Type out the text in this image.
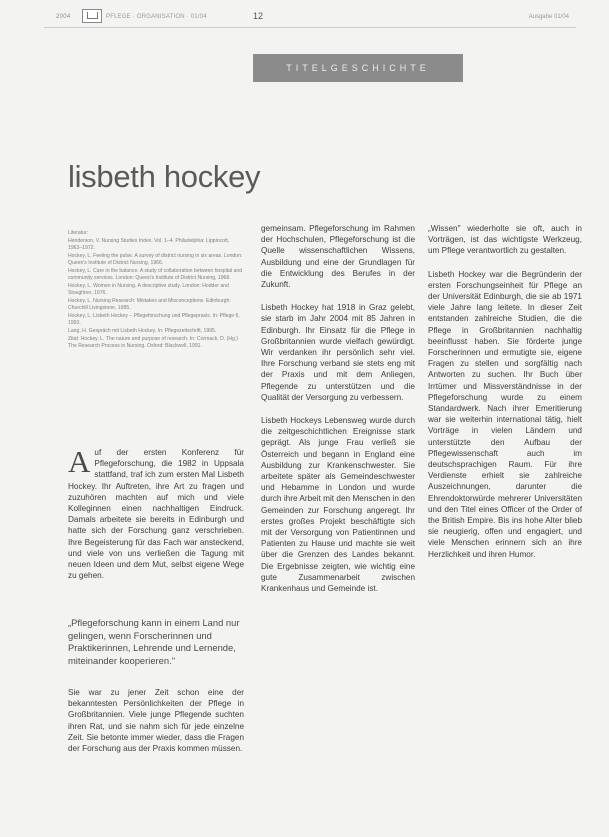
2004	PFLEGE · ORGANISATION · 01/04	12	Ausgabe 01/04
TITELGESCHICHTE
lisbeth hockey

Literatur:

Henderson, V. Nursing Studies Index. Vol. 1–4. Philadelphia: Lippincott, 1963–1972.

Hockey, L. Feeling the pulse. A survey of district nursing in six areas. London: Queen's Institute of District Nursing, 1966.

Hockey, L. Care in the balance. A study of collaboration between hospital and community services. London: Queen's Institute of District Nursing, 1968.

Hockey, L. Women in Nursing. A descriptive study. London: Hodder and Stoughton, 1976.

Hockey, L. Nursing Research: Mistakes and Misconceptions. Edinburgh: Churchill Livingstone, 1985.

Hockey, L. Lisbeth Hockey – Pflegeforschung und Pflegepraxis. In: Pflege 6, 1993.

Lang, H. Gespräch mit Lisbeth Hockey. In: Pflegezeitschrift, 1995.

Zitat: Hockey, L. The nature and purpose of research. In: Cormack, D. (Hg.) The Research Process in Nursing. Oxford: Blackwell, 1991.

Auf der ersten Konferenz für Pflegeforschung, die 1982 in Uppsala stattfand, traf ich zum ersten Mal Lisbeth Hockey. Ihr Auftreten, ihre Art zu fragen und zuzuhören machten auf mich und viele Kolleginnen einen nachhaltigen Eindruck. Damals arbeitete sie bereits in Edinburgh und hatte sich der Forschung ganz verschrieben. Ihre Begeisterung für das Fach war ansteckend, und viele von uns verließen die Tagung mit neuen Ideen und dem Mut, selbst eigene Wege zu gehen.

„Pflegeforschung kann in einem Land nur gelingen, wenn Forscherinnen und Praktikerinnen, Lehrende und Lernende, miteinander kooperieren."

Sie war zu jener Zeit schon eine der bekanntesten Persönlichkeiten der Pflege in Großbritannien. Viele junge Pflegende suchten ihren Rat, und sie nahm sich für jede einzelne Zeit. Sie betonte immer wieder, dass die Fragen der Forschung aus der Praxis kommen müssen.

gemeinsam. Pflegeforschung im Rahmen der Hochschulen, Pflegeforschung ist die Quelle wissenschaftlichen Wissens, Ausbildung und eine der Grundlagen für die Entwicklung des Berufes in der Zukunft.

Lisbeth Hockey hat 1918 in Graz gelebt, sie starb im Jahr 2004 mit 85 Jahren in Edinburgh. Ihr Einsatz für die Pflege in Großbritannien wurde vielfach gewürdigt. Wir verdanken ihr persönlich sehr viel. Ihre Forschung verband sie stets eng mit der Praxis und mit dem Anliegen, Pflegende zu unterstützen und die Qualität der Versorgung zu verbessern.

Lisbeth Hockeys Lebensweg wurde durch die zeitgeschichtlichen Ereignisse stark geprägt. Als junge Frau verließ sie Österreich und begann in England eine Ausbildung zur Krankenschwester. Sie arbeitete später als Gemeindeschwester und Hebamme in London und wurde durch ihre Arbeit mit den Menschen in den Gemeinden zur Forschung angeregt. Ihr erstes großes Projekt beschäftigte sich mit der Versorgung von Patientinnen und Patienten zu Hause und machte sie weit über die Grenzen des Landes bekannt. Die Ergebnisse zeigten, wie wichtig eine gute Zusammenarbeit zwischen Krankenhaus und Gemeinde ist.

„Wissen" wiederholte sie oft, auch in Vorträgen, ist das wichtigste Werkzeug, um Pflege verantwortlich zu gestalten.

Lisbeth Hockey war die Begründerin der ersten Forschungseinheit für Pflege an der Universität Edinburgh, die sie ab 1971 viele Jahre lang leitete. In dieser Zeit entstanden zahlreiche Studien, die die Pflege in Großbritannien nachhaltig beeinflusst haben. Sie förderte junge Forscherinnen und ermutigte sie, eigene Fragen zu stellen und sorgfältig nach Antworten zu suchen. Ihr Buch über Irrtümer und Missverständnisse in der Pflegeforschung wurde zu einem Standardwerk. Nach ihrer Emeritierung war sie weiterhin international tätig, hielt Vorträge in vielen Ländern und unterstützte den Aufbau der Pflegewissenschaft auch im deutschsprachigen Raum. Für ihre Verdienste erhielt sie zahlreiche Auszeichnungen, darunter die Ehrendoktorwürde mehrerer Universitäten und den Titel eines Officer of the Order of the British Empire. Bis ins hohe Alter blieb sie neugierig, offen und engagiert, und viele Menschen erinnern sich an ihre Herzlichkeit und ihren Humor.
